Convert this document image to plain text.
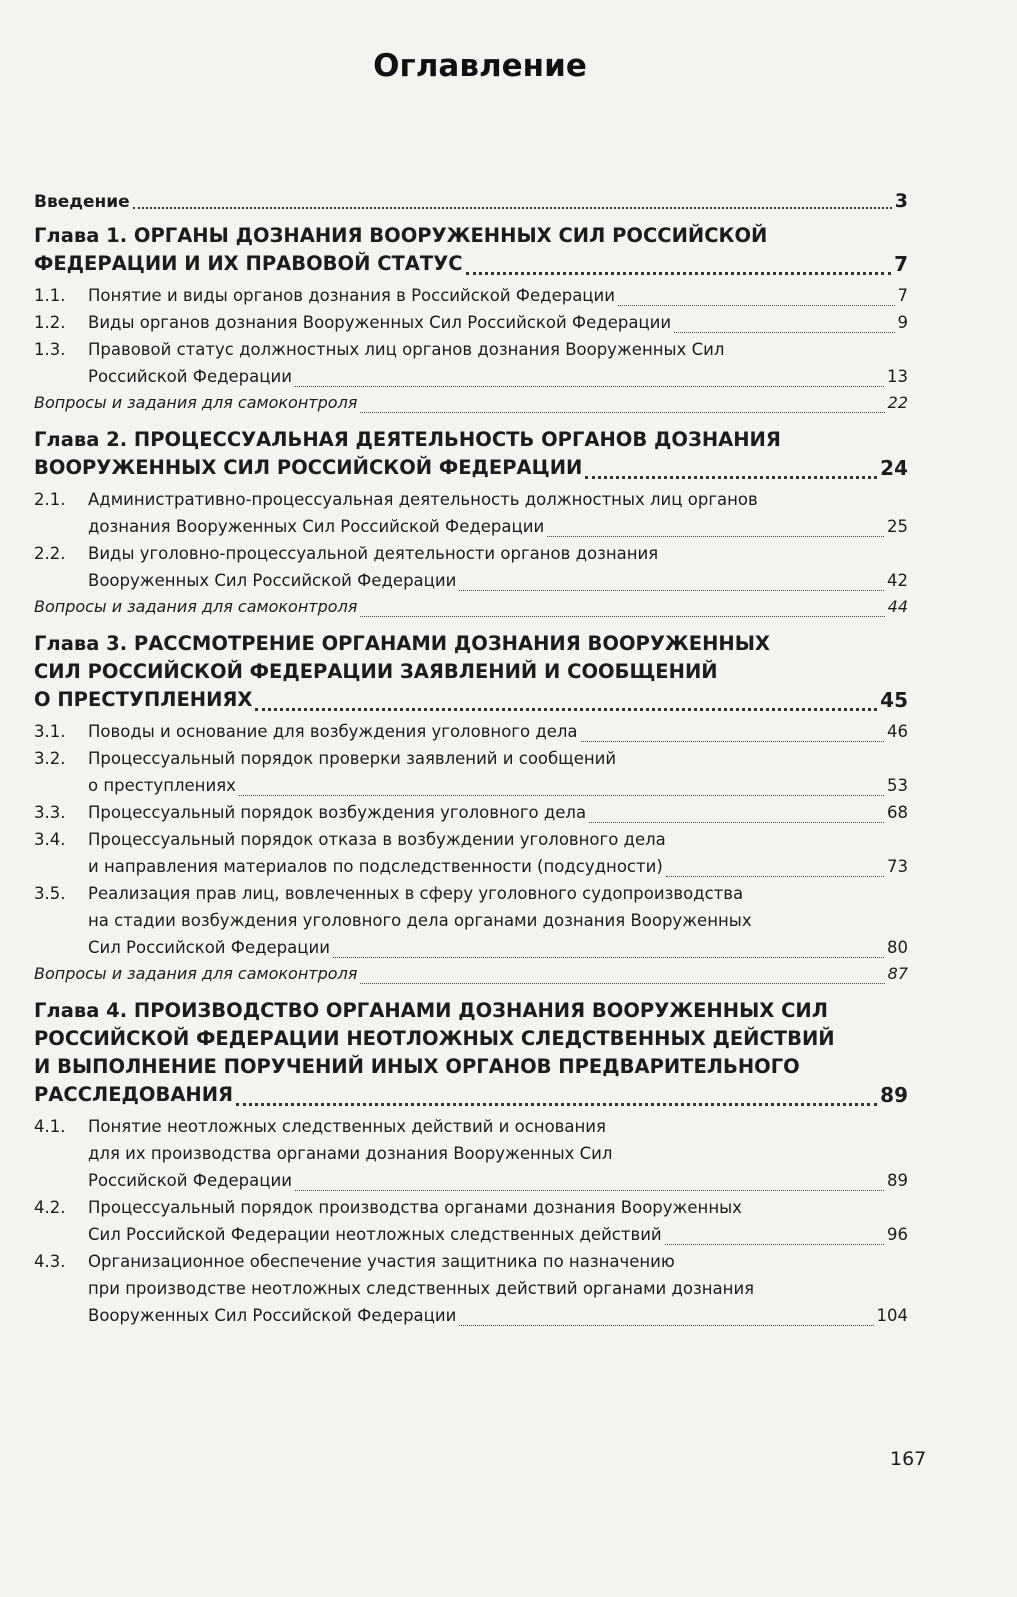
Оглавление
Введение	3
Глава 1. ОРГАНЫ ДОЗНАНИЯ ВООРУЖЕННЫХ СИЛ РОССИЙСКОЙ
ФЕДЕРАЦИИ И ИХ ПРАВОВОЙ СТАТУС	7
1.1.	Понятие и виды органов дознания в Российской Федерации	7
1.2.	Виды органов дознания Вооруженных Сил Российской Федерации	9
1.3.	Правовой статус должностных лиц органов дознания Вооруженных Сил
Российской Федерации	13
Вопросы и задания для самоконтроля	22
Глава 2. ПРОЦЕССУАЛЬНАЯ ДЕЯТЕЛЬНОСТЬ ОРГАНОВ ДОЗНАНИЯ
ВООРУЖЕННЫХ СИЛ РОССИЙСКОЙ ФЕДЕРАЦИИ	24
2.1.	Административно-процессуальная деятельность должностных лиц органов
дознания Вооруженных Сил Российской Федерации	25
2.2.	Виды уголовно-процессуальной деятельности органов дознания
Вооруженных Сил Российской Федерации	42
Вопросы и задания для самоконтроля	44
Глава 3. РАССМОТРЕНИЕ ОРГАНАМИ ДОЗНАНИЯ ВООРУЖЕННЫХ
СИЛ РОССИЙСКОЙ ФЕДЕРАЦИИ ЗАЯВЛЕНИЙ И СООБЩЕНИЙ
О ПРЕСТУПЛЕНИЯХ	45
3.1.	Поводы и основание для возбуждения уголовного дела	46
3.2.	Процессуальный порядок проверки заявлений и сообщений
о преступлениях	53
3.3.	Процессуальный порядок возбуждения уголовного дела	68
3.4.	Процессуальный порядок отказа в возбуждении уголовного дела
и направления материалов по подследственности (подсудности)	73
3.5.	Реализация прав лиц, вовлеченных в сферу уголовного судопроизводства
на стадии возбуждения уголовного дела органами дознания Вооруженных
Сил Российской Федерации	80
Вопросы и задания для самоконтроля	87
Глава 4. ПРОИЗВОДСТВО ОРГАНАМИ ДОЗНАНИЯ ВООРУЖЕННЫХ СИЛ
РОССИЙСКОЙ ФЕДЕРАЦИИ НЕОТЛОЖНЫХ СЛЕДСТВЕННЫХ ДЕЙСТВИЙ
И ВЫПОЛНЕНИЕ ПОРУЧЕНИЙ ИНЫХ ОРГАНОВ ПРЕДВАРИТЕЛЬНОГО
РАССЛЕДОВАНИЯ	89
4.1.	Понятие неотложных следственных действий и основания
для их производства органами дознания Вооруженных Сил
Российской Федерации	89
4.2.	Процессуальный порядок производства органами дознания Вооруженных
Сил Российской Федерации неотложных следственных действий	96
4.3.	Организационное обеспечение участия защитника по назначению
при производстве неотложных следственных действий органами дознания
Вооруженных Сил Российской Федерации	104
167
